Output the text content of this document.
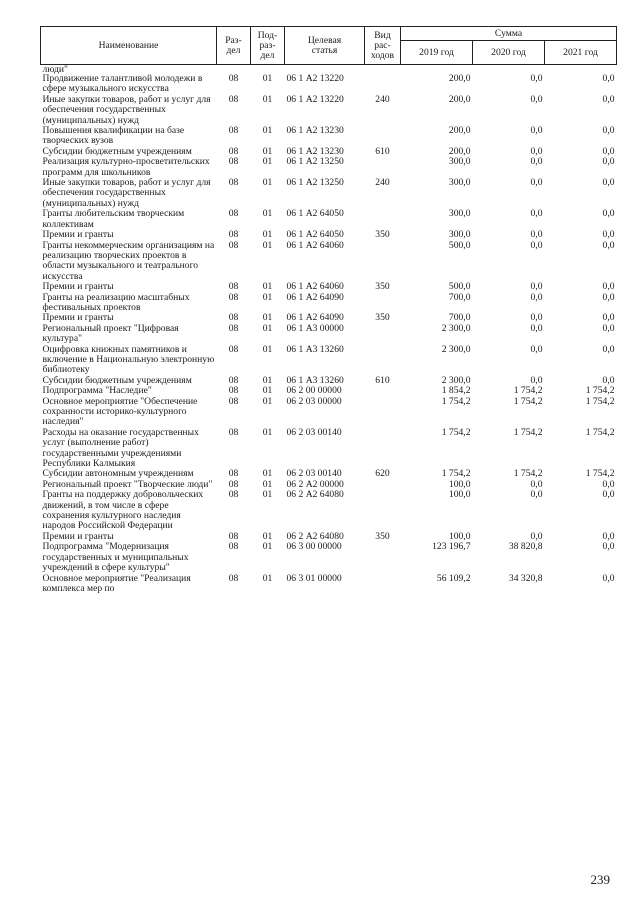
Наименование	Раз-
дел	Под-
раз-
дел	Целевая
статья	Вид
рас-
ходов	Сумма		
					2019 год	2020 год	2021 год
люди"							
Продвижение талантливой молодежи в сфере музыкального искусства	08	01	06 1 А2 13220		200,0	0,0	0,0
Иные закупки товаров, работ и услуг для обеспечения государственных (муниципальных) нужд	08	01	06 1 А2 13220	240	200,0	0,0	0,0
Повышения квалификации на базе творческих вузов	08	01	06 1 А2 13230		200,0	0,0	0,0
Субсидии бюджетным учреждениям	08	01	06 1 А2 13230	610	200,0	0,0	0,0
Реализация культурно-просветительских программ для школьников	08	01	06 1 А2 13250		300,0	0,0	0,0
Иные закупки товаров, работ и услуг для обеспечения государственных (муниципальных) нужд	08	01	06 1 А2 13250	240	300,0	0,0	0,0
Гранты любительским творческим коллективам	08	01	06 1 А2 64050		300,0	0,0	0,0
Премии и гранты	08	01	06 1 А2 64050	350	300,0	0,0	0,0
Гранты некоммерческим организациям на реализацию творческих проектов в области музыкального и театрального искусства	08	01	06 1 А2 64060		500,0	0,0	0,0
Премии и гранты	08	01	06 1 А2 64060	350	500,0	0,0	0,0
Гранты на реализацию масштабных фестивальных проектов	08	01	06 1 А2 64090		700,0	0,0	0,0
Премии и гранты	08	01	06 1 А2 64090	350	700,0	0,0	0,0
Региональный проект "Цифровая культура"	08	01	06 1 А3 00000		2 300,0	0,0	0,0
Оцифровка книжных памятников и включение в Национальную электронную библиотеку	08	01	06 1 А3 13260		2 300,0	0,0	0,0
Субсидии бюджетным учреждениям	08	01	06 1 А3 13260	610	2 300,0	0,0	0,0
Подпрограмма "Наследие"	08	01	06 2 00 00000		1 854,2	1 754,2	1 754,2
Основное мероприятие "Обеспечение сохранности историко-культурного наследия"	08	01	06 2 03 00000		1 754,2	1 754,2	1 754,2
Расходы на оказание государственных услуг (выполнение работ) государственными учреждениями Республики Калмыкия	08	01	06 2 03 00140		1 754,2	1 754,2	1 754,2
Субсидии автономным учреждениям	08	01	06 2 03 00140	620	1 754,2	1 754,2	1 754,2
Региональный проект "Творческие люди"	08	01	06 2 А2 00000		100,0	0,0	0,0
Гранты на поддержку добровольческих движений, в том числе в сфере сохранения культурного наследия народов Российской Федерации	08	01	06 2 А2 64080		100,0	0,0	0,0
Премии и гранты	08	01	06 2 А2 64080	350	100,0	0,0	0,0
Подпрограмма "Модернизация государственных и муниципальных учреждений в сфере культуры"	08	01	06 3 00 00000		123 196,7	38 820,8	0,0
Основное мероприятие "Реализация комплекса мер по	08	01	06 3 01 00000		56 109,2	34 320,8	0,0
239
